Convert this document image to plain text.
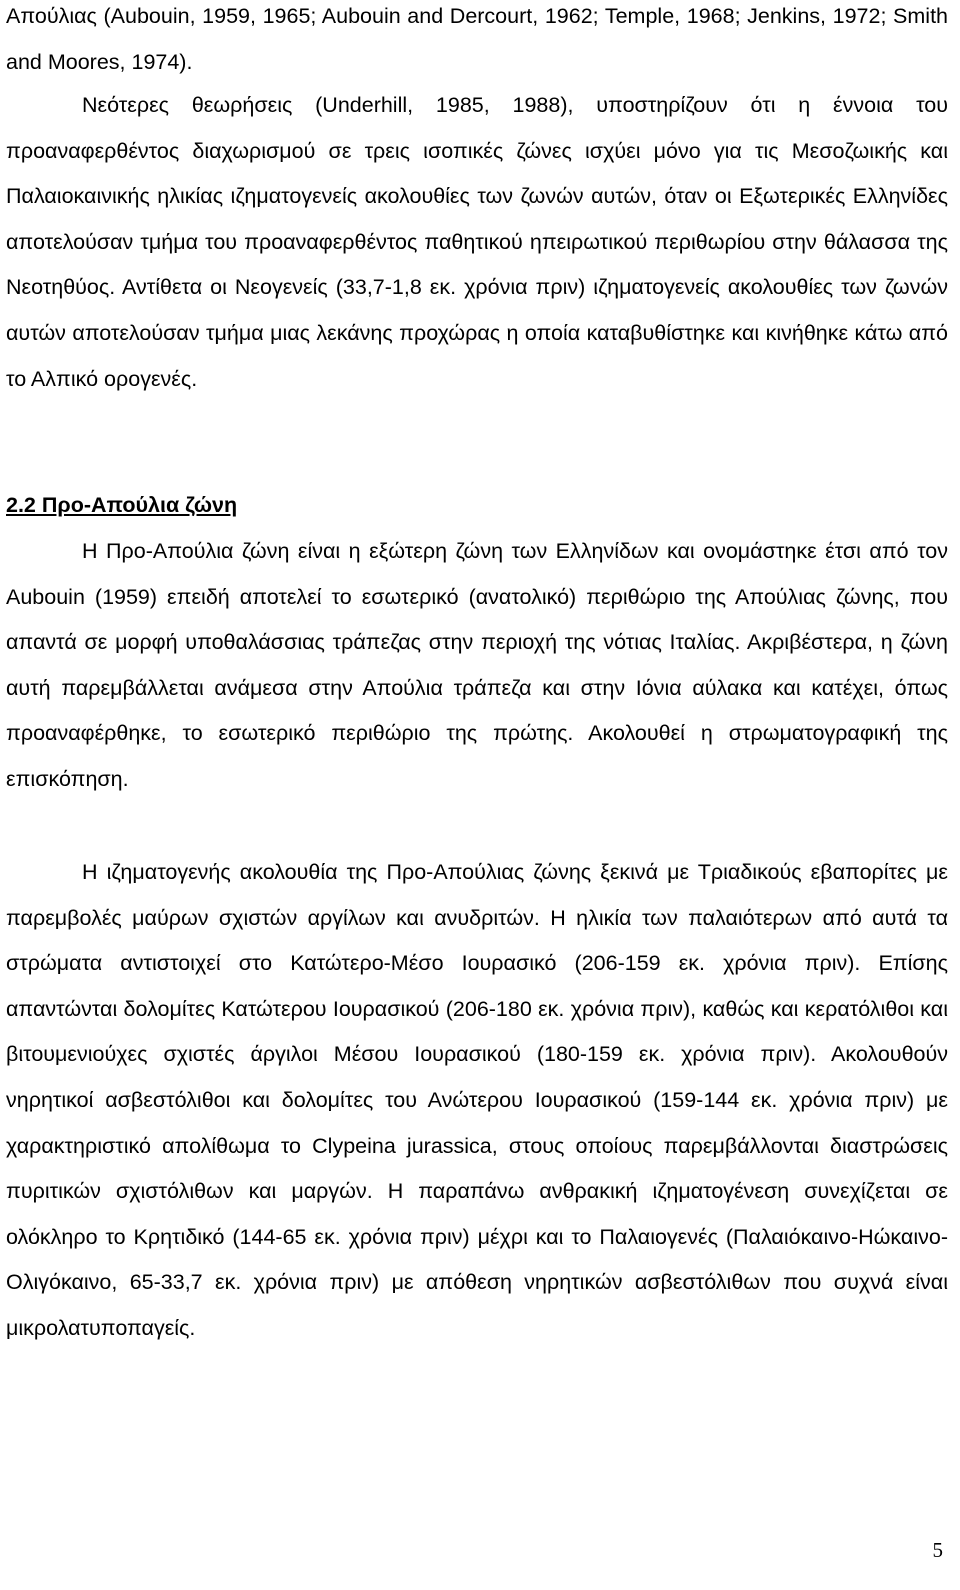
Απούλιας (Aubouin, 1959, 1965; Aubouin and Dercourt, 1962; Temple, 1968; Jenkins, 1972; Smith and Moores, 1974).
Νεότερες θεωρήσεις (Underhill, 1985, 1988), υποστηρίζουν ότι η έννοια του προαναφερθέντος διαχωρισμού σε τρεις ισοπικές ζώνες ισχύει μόνο για τις Μεσοζωικής και Παλαιοκαινικής ηλικίας ιζηματογενείς ακολουθίες των ζωνών αυτών, όταν οι Εξωτερικές Ελληνίδες αποτελούσαν τμήμα του προαναφερθέντος παθητικού ηπειρωτικού περιθωρίου στην θάλασσα της Νεοτηθύος. Αντίθετα οι Νεογενείς (33,7-1,8 εκ. χρόνια πριν) ιζηματογενείς ακολουθίες των ζωνών αυτών αποτελούσαν τμήμα μιας λεκάνης προχώρας η οποία καταβυθίστηκε και κινήθηκε κάτω από το Αλπικό ορογενές.
2.2 Προ-Απούλια ζώνη
Η Προ-Απούλια ζώνη είναι η εξώτερη ζώνη των Ελληνίδων και ονομάστηκε έτσι από τον Aubouin (1959) επειδή αποτελεί το εσωτερικό (ανατολικό) περιθώριο της Απούλιας ζώνης, που απαντά σε μορφή υποθαλάσσιας τράπεζας στην περιοχή της νότιας Ιταλίας. Ακριβέστερα, η ζώνη αυτή παρεμβάλλεται ανάμεσα στην Απούλια τράπεζα και στην Ιόνια αύλακα και κατέχει, όπως προαναφέρθηκε, το εσωτερικό περιθώριο της πρώτης. Ακολουθεί η στρωματογραφική της επισκόπηση.
Η ιζηματογενής ακολουθία της Προ-Απούλιας ζώνης ξεκινά με Τριαδικούς εβαπορίτες με παρεμβολές μαύρων σχιστών αργίλων και ανυδριτών. Η ηλικία των παλαιότερων από αυτά τα στρώματα αντιστοιχεί στο Κατώτερο-Μέσο Ιουρασικό (206-159 εκ. χρόνια πριν). Επίσης απαντώνται δολομίτες Κατώτερου Ιουρασικού (206-180 εκ. χρόνια πριν), καθώς και κερατόλιθοι και βιτουμενιούχες σχιστές άργιλοι Μέσου Ιουρασικού (180-159 εκ. χρόνια πριν). Ακολουθούν νηρητικοί ασβεστόλιθοι και δολομίτες του Ανώτερου Ιουρασικού (159-144 εκ. χρόνια πριν) με χαρακτηριστικό απολίθωμα το Clypeina jurassica, στους οποίους παρεμβάλλονται διαστρώσεις πυριτικών σχιστόλιθων και μαργών. Η παραπάνω ανθρακική ιζηματογένεση συνεχίζεται σε ολόκληρο το Κρητιδικό (144-65 εκ. χρόνια πριν) μέχρι και το Παλαιογενές (Παλαιόκαινο-Ηώκαινο-Ολιγόκαινο, 65-33,7 εκ. χρόνια πριν) με απόθεση νηρητικών ασβεστόλιθων που συχνά είναι μικρολατυποπαγείς.
5
